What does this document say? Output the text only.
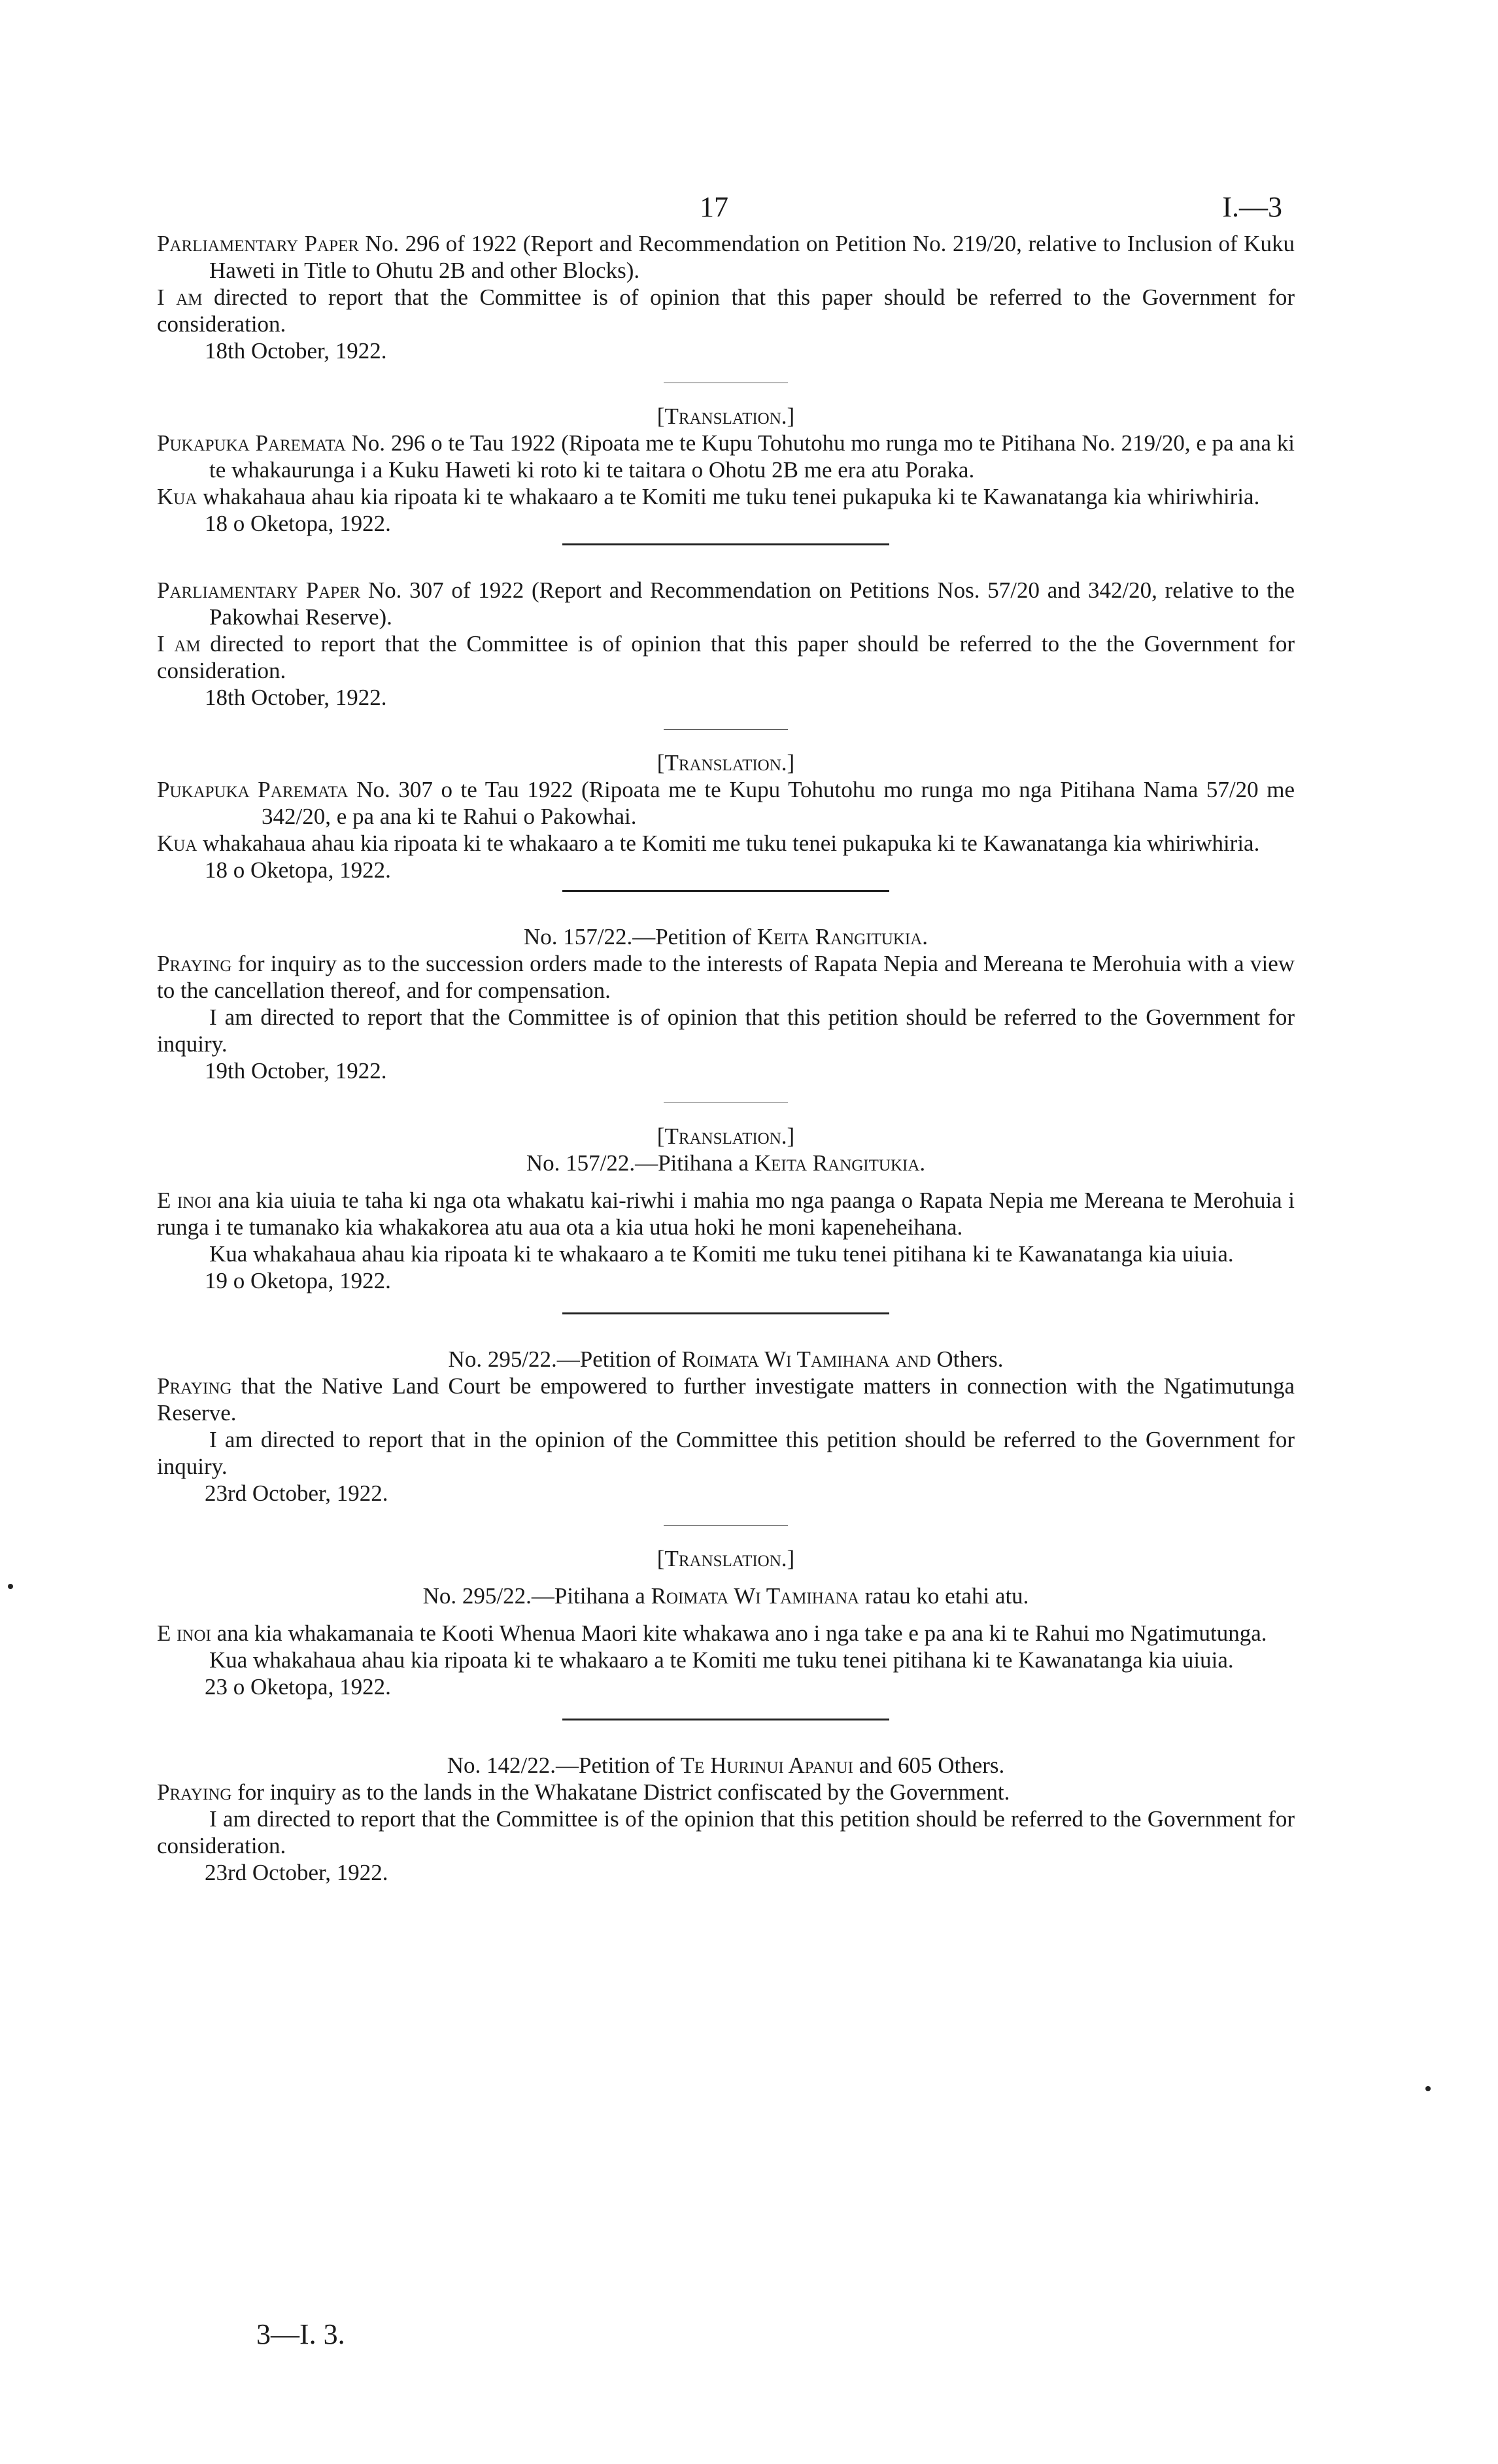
17	I.—3

Parliamentary Paper No. 296 of 1922 (Report and Recommendation on Petition No. 219/20, relative to Inclusion of Kuku Haweti in Title to Ohutu 2B and other Blocks).

I am directed to report that the Committee is of opinion that this paper should be referred to the Government for consideration.

18th October, 1922.

[Translation.]

Pukapuka Paremata No. 296 o te Tau 1922 (Ripoata me te Kupu Tohutohu mo runga mo te Pitihana No. 219/20, e pa ana ki te whakaurunga i a Kuku Haweti ki roto ki te taitara o Ohotu 2B me era atu Poraka.

Kua whakahaua ahau kia ripoata ki te whakaaro a te Komiti me tuku tenei pukapuka ki te Kawanatanga kia whiriwhiria.

18 o Oketopa, 1922.

Parliamentary Paper No. 307 of 1922 (Report and Recommendation on Petitions Nos. 57/20 and 342/20, relative to the Pakowhai Reserve).

I am directed to report that the Committee is of opinion that this paper should be referred to the the Government for consideration.

18th October, 1922.

[Translation.]

Pukapuka Paremata No. 307 o te Tau 1922 (Ripoata me te Kupu Tohutohu mo runga mo nga Pitihana Nama 57/20 me 342/20, e pa ana ki te Rahui o Pakowhai.

Kua whakahaua ahau kia ripoata ki te whakaaro a te Komiti me tuku tenei pukapuka ki te Kawanatanga kia whiriwhiria.

18 o Oketopa, 1922.

No. 157/22.—Petition of Keita Rangitukia.

Praying for inquiry as to the succession orders made to the interests of Rapata Nepia and Mereana te Merohuia with a view to the cancellation thereof, and for compensation.

I am directed to report that the Committee is of opinion that this petition should be referred to the Government for inquiry.

19th October, 1922.

[Translation.]

No. 157/22.—Pitihana a Keita Rangitukia.

E inoi ana kia uiuia te taha ki nga ota whakatu kai-riwhi i mahia mo nga paanga o Rapata Nepia me Mereana te Merohuia i runga i te tumanako kia whakakorea atu aua ota a kia utua hoki he moni kapeneheihana.

Kua whakahaua ahau kia ripoata ki te whakaaro a te Komiti me tuku tenei pitihana ki te Kawanatanga kia uiuia.

19 o Oketopa, 1922.

No. 295/22.—Petition of Roimata Wi Tamihana and Others.

Praying that the Native Land Court be empowered to further investigate matters in connection with the Ngatimutunga Reserve.

I am directed to report that in the opinion of the Committee this petition should be referred to the Government for inquiry.

23rd October, 1922.

[Translation.]

No. 295/22.—Pitihana a Roimata Wi Tamihana ratau ko etahi atu.

E inoi ana kia whakamanaia te Kooti Whenua Maori kite whakawa ano i nga take e pa ana ki te Rahui mo Ngatimutunga.

Kua whakahaua ahau kia ripoata ki te whakaaro a te Komiti me tuku tenei pitihana ki te Kawanatanga kia uiuia.

23 o Oketopa, 1922.

No. 142/22.—Petition of Te Hurinui Apanui and 605 Others.

Praying for inquiry as to the lands in the Whakatane District confiscated by the Government.

I am directed to report that the Committee is of the opinion that this petition should be referred to the Government for consideration.

23rd October, 1922.

3—I. 3.
